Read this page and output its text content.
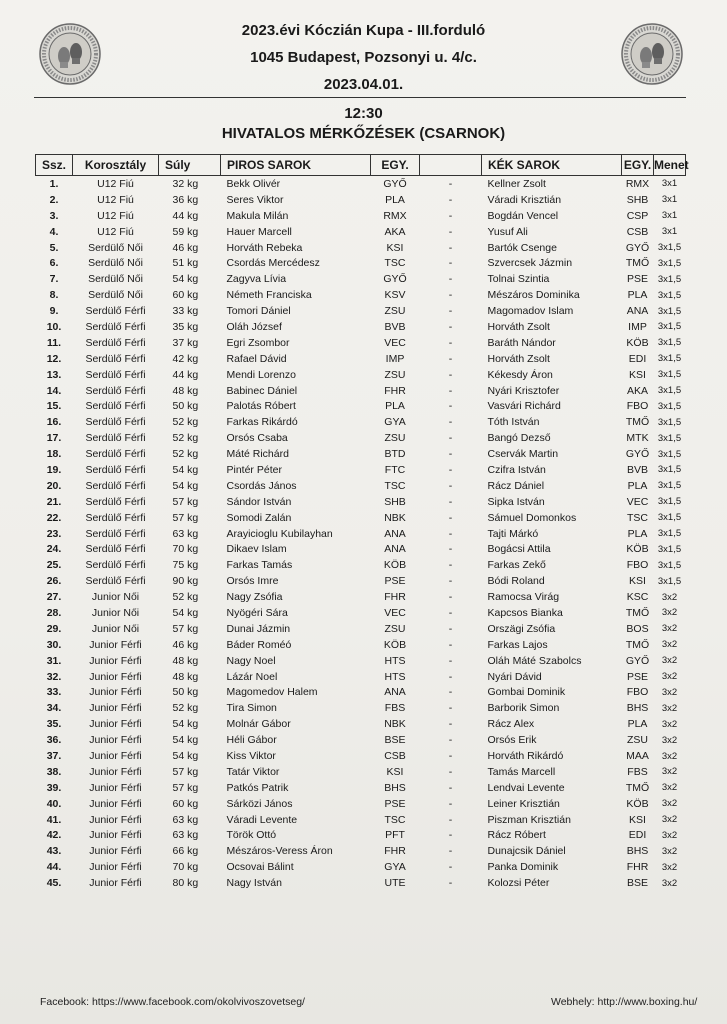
2023.évi Kóczián Kupa - III.forduló
1045 Budapest, Pozsonyi u. 4/c.
2023.04.01.
12:30
HIVATALOS MÉRKŐZÉSEK (CSARNOK)
Ssz.	Korosztály	Súly	PIROS SAROK	EGY.		KÉK SAROK	EGY.	Menet
1.	U12 Fiú	32 kg	Bekk Olivér	GYŐ	-	Kellner Zsolt	RMX	3x1
2.	U12 Fiú	36 kg	Seres Viktor	PLA	-	Váradi Krisztián	SHB	3x1
3.	U12 Fiú	44 kg	Makula Milán	RMX	-	Bogdán Vencel	CSP	3x1
4.	U12 Fiú	59 kg	Hauer Marcell	AKA	-	Yusuf Ali	CSB	3x1
5.	Serdülő Női	46 kg	Horváth Rebeka	KSI	-	Bartók Csenge	GYŐ	3x1,5
6.	Serdülő Női	51 kg	Csordás Mercédesz	TSC	-	Szvercsek Jázmin	TMŐ	3x1,5
7.	Serdülő Női	54 kg	Zagyva Lívia	GYŐ	-	Tolnai Szintia	PSE	3x1,5
8.	Serdülő Női	60 kg	Németh Franciska	KSV	-	Mészáros Dominika	PLA	3x1,5
9.	Serdülő Férfi	33 kg	Tomori Dániel	ZSU	-	Magomadov Islam	ANA	3x1,5
10.	Serdülő Férfi	35 kg	Oláh József	BVB	-	Horváth Zsolt	IMP	3x1,5
11.	Serdülő Férfi	37 kg	Egri Zsombor	VEC	-	Baráth Nándor	KÖB	3x1,5
12.	Serdülő Férfi	42 kg	Rafael Dávid	IMP	-	Horváth Zsolt	EDI	3x1,5
13.	Serdülő Férfi	44 kg	Mendi Lorenzo	ZSU	-	Kékesdy Áron	KSI	3x1,5
14.	Serdülő Férfi	48 kg	Babinec Dániel	FHR	-	Nyári Krisztofer	AKA	3x1,5
15.	Serdülő Férfi	50 kg	Palotás Róbert	PLA	-	Vasvári Richárd	FBO	3x1,5
16.	Serdülő Férfi	52 kg	Farkas Rikárdó	GYA	-	Tóth István	TMŐ	3x1,5
17.	Serdülő Férfi	52 kg	Orsós Csaba	ZSU	-	Bangó Dezső	MTK	3x1,5
18.	Serdülő Férfi	52 kg	Máté Richárd	BTD	-	Cservák Martin	GYŐ	3x1,5
19.	Serdülő Férfi	54 kg	Pintér Péter	FTC	-	Czifra István	BVB	3x1,5
20.	Serdülő Férfi	54 kg	Csordás János	TSC	-	Rácz Dániel	PLA	3x1,5
21.	Serdülő Férfi	57 kg	Sándor István	SHB	-	Sipka István	VEC	3x1,5
22.	Serdülő Férfi	57 kg	Somodi Zalán	NBK	-	Sámuel Domonkos	TSC	3x1,5
23.	Serdülő Férfi	63 kg	Arayicioglu Kubilayhan	ANA	-	Tajti Márkó	PLA	3x1,5
24.	Serdülő Férfi	70 kg	Dikaev Islam	ANA	-	Bogácsi Attila	KÖB	3x1,5
25.	Serdülő Férfi	75 kg	Farkas Tamás	KÖB	-	Farkas Zekő	FBO	3x1,5
26.	Serdülő Férfi	90 kg	Orsós Imre	PSE	-	Bódi Roland	KSI	3x1,5
27.	Junior Női	52 kg	Nagy Zsófia	FHR	-	Ramocsa Virág	KSC	3x2
28.	Junior Női	54 kg	Nyögéri Sára	VEC	-	Kapcsos Bianka	TMŐ	3x2
29.	Junior Női	57 kg	Dunai Jázmin	ZSU	-	Orszägi Zsófia	BOS	3x2
30.	Junior Férfi	46 kg	Báder Roméó	KÖB	-	Farkas Lajos	TMŐ	3x2
31.	Junior Férfi	48 kg	Nagy Noel	HTS	-	Oláh Máté Szabolcs	GYŐ	3x2
32.	Junior Férfi	48 kg	Lázár Noel	HTS	-	Nyári Dávid	PSE	3x2
33.	Junior Férfi	50 kg	Magomedov Halem	ANA	-	Gombai Dominik	FBO	3x2
34.	Junior Férfi	52 kg	Tira Simon	FBS	-	Barborik Simon	BHS	3x2
35.	Junior Férfi	54 kg	Molnár Gábor	NBK	-	Rácz Alex	PLA	3x2
36.	Junior Férfi	54 kg	Héli Gábor	BSE	-	Orsós Erik	ZSU	3x2
37.	Junior Férfi	54 kg	Kiss Viktor	CSB	-	Horváth Rikárdó	MAA	3x2
38.	Junior Férfi	57 kg	Tatár Viktor	KSI	-	Tamás Marcell	FBS	3x2
39.	Junior Férfi	57 kg	Patkós Patrik	BHS	-	Lendvai Levente	TMŐ	3x2
40.	Junior Férfi	60 kg	Sárközi János	PSE	-	Leiner Krisztián	KÖB	3x2
41.	Junior Férfi	63 kg	Váradi Levente	TSC	-	Piszman Krisztián	KSI	3x2
42.	Junior Férfi	63 kg	Török Ottó	PFT	-	Rácz Róbert	EDI	3x2
43.	Junior Férfi	66 kg	Mészáros-Veress Áron	FHR	-	Dunajcsik Dániel	BHS	3x2
44.	Junior Férfi	70 kg	Ocsovai Bálint	GYA	-	Panka Dominik	FHR	3x2
45.	Junior Férfi	80 kg	Nagy István	UTE	-	Kolozsi Péter	BSE	3x2
Facebook: https://www.facebook.com/okolvivoszovetseg/	Webhely: http://www.boxing.hu/
